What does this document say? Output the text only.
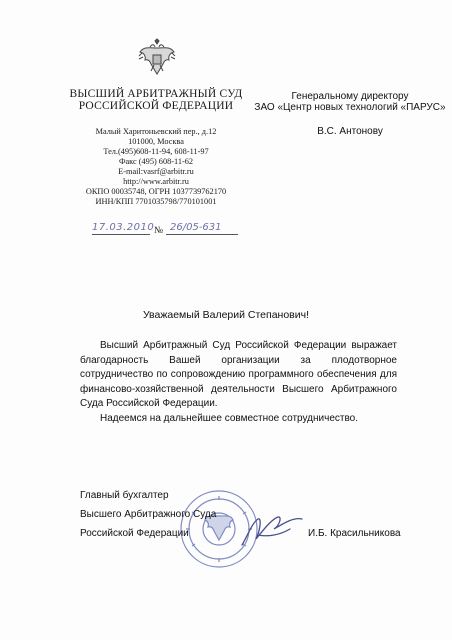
ВЫСШИЙ АРБИТРАЖНЫЙ СУД
РОССИЙСКОЙ ФЕДЕРАЦИИ
Малый Харитоньевский пер., д.12
101000, Москва
Тел.(495)608-11-94, 608-11-97
Факс (495) 608-11-62
E-mail:vasrf@arbitr.ru
http://www.arbitr.ru
ОКПО 00035748, ОГРН 1037739762170
ИНН/КПП 7701035798/770101001
17.03.2010 № 26/05-631
Генеральному директору
ЗАО «Центр новых технологий «ПАРУС»
В.С. Антонову
Уважаемый Валерий Степанович!

Высший Арбитражный Суд Российской Федерации выражает благодарность Вашей организации за плодотворное сотрудничество по сопровождению программного обеспечения для финансово-хозяйственной деятельности Высшего Арбитражного Суда Российской Федерации.

Надеемся на дальнейшее совместное сотрудничество.

Главный бухгалтер
Высшего Арбитражного Суда
Российской Федерации	И.Б. Красильникова
